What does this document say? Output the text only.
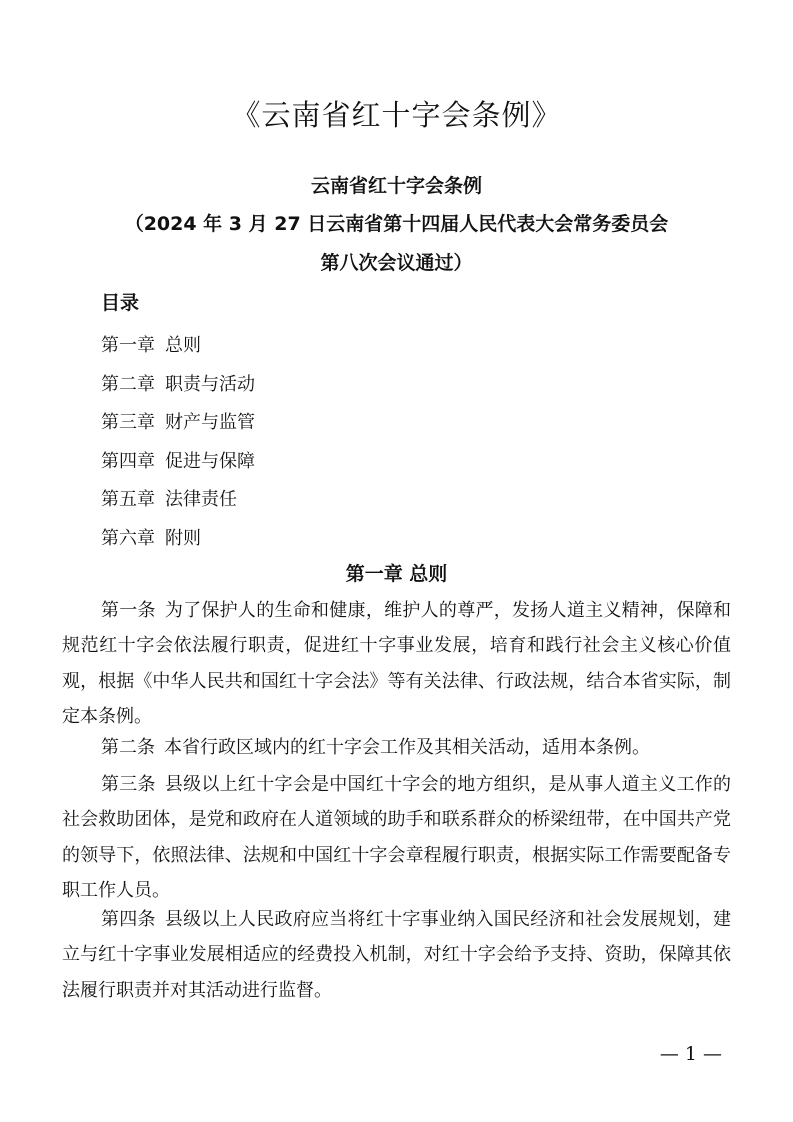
《云南省红十字会条例》

云南省红十字会条例

（2024 年 3 月 27 日云南省第十四届人民代表大会常务委员会

第八次会议通过）

目录

第一章 总则
第二章 职责与活动
第三章 财产与监管
第四章 促进与保障
第五章 法律责任
第六章 附则

第一章 总则

第一条 为了保护人的生命和健康，维护人的尊严，发扬人道主义精神，保障和规范红十字会依法履行职责，促进红十字事业发展，培育和践行社会主义核心价值观，根据《中华人民共和国红十字会法》等有关法律、行政法规，结合本省实际，制定本条例。

第二条 本省行政区域内的红十字会工作及其相关活动，适用本条例。

第三条 县级以上红十字会是中国红十字会的地方组织，是从事人道主义工作的社会救助团体，是党和政府在人道领域的助手和联系群众的桥梁纽带，在中国共产党的领导下，依照法律、法规和中国红十字会章程履行职责，根据实际工作需要配备专职工作人员。

第四条 县级以上人民政府应当将红十字事业纳入国民经济和社会发展规划，建立与红十字事业发展相适应的经费投入机制，对红十字会给予支持、资助，保障其依法履行职责并对其活动进行监督。

— 1 —
